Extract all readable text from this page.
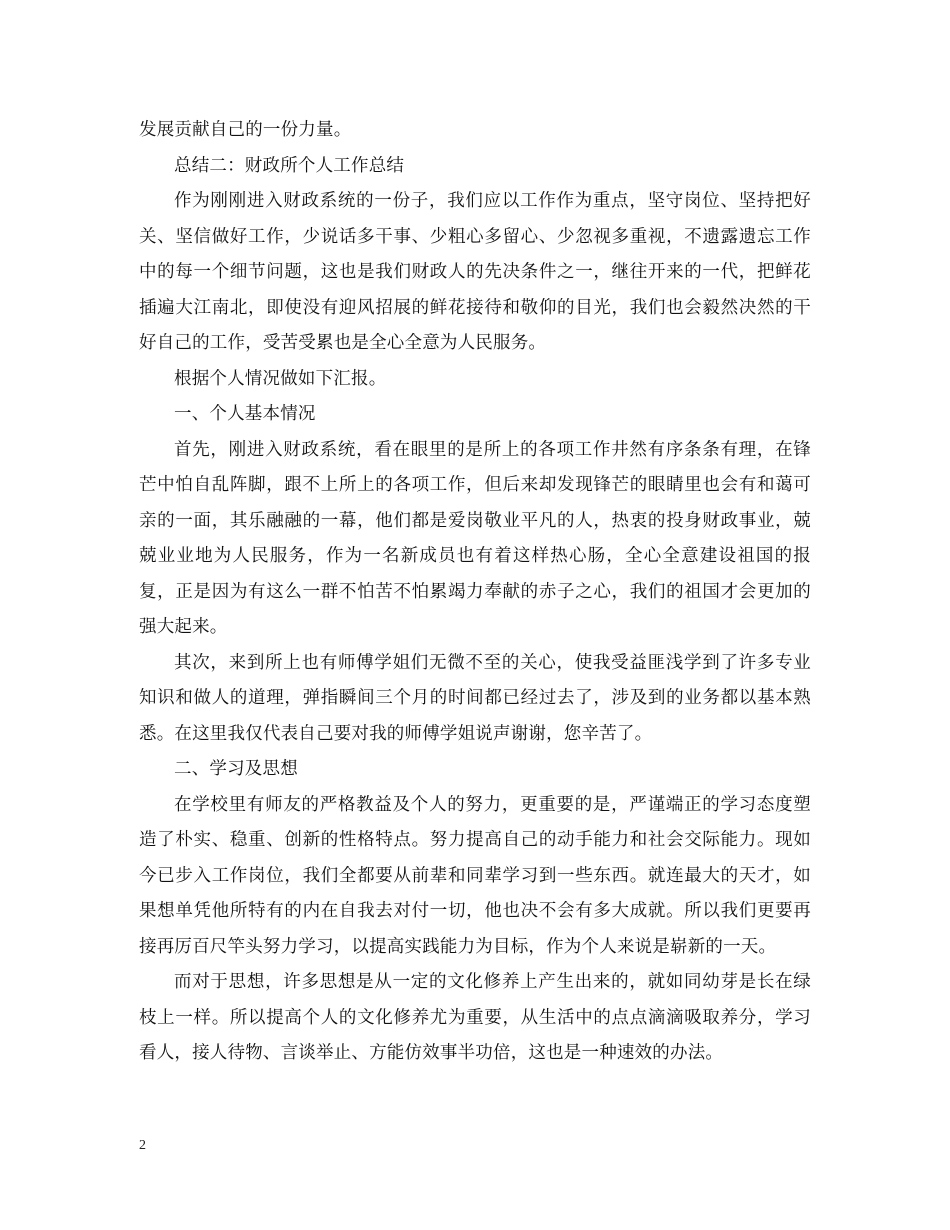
发展贡献自己的一份力量。

总结二：财政所个人工作总结

作为刚刚进入财政系统的一份子，我们应以工作作为重点，坚守岗位、坚持把好关、坚信做好工作，少说话多干事、少粗心多留心、少忽视多重视，不遗露遗忘工作中的每一个细节问题，这也是我们财政人的先决条件之一，继往开来的一代，把鲜花插遍大江南北，即使没有迎风招展的鲜花接待和敬仰的目光，我们也会毅然决然的干好自己的工作，受苦受累也是全心全意为人民服务。

根据个人情况做如下汇报。

一、个人基本情况

首先，刚进入财政系统，看在眼里的是所上的各项工作井然有序条条有理，在锋芒中怕自乱阵脚，跟不上所上的各项工作，但后来却发现锋芒的眼睛里也会有和蔼可亲的一面，其乐融融的一幕，他们都是爱岗敬业平凡的人，热衷的投身财政事业，兢兢业业地为人民服务，作为一名新成员也有着这样热心肠，全心全意建设祖国的报复，正是因为有这么一群不怕苦不怕累竭力奉献的赤子之心，我们的祖国才会更加的强大起来。

其次，来到所上也有师傅学姐们无微不至的关心，使我受益匪浅学到了许多专业知识和做人的道理，弹指瞬间三个月的时间都已经过去了，涉及到的业务都以基本熟悉。在这里我仅代表自己要对我的师傅学姐说声谢谢，您辛苦了。

二、学习及思想

在学校里有师友的严格教益及个人的努力，更重要的是，严谨端正的学习态度塑造了朴实、稳重、创新的性格特点。努力提高自己的动手能力和社会交际能力。现如今已步入工作岗位，我们全都要从前辈和同辈学习到一些东西。就连最大的天才，如果想单凭他所特有的内在自我去对付一切，他也决不会有多大成就。所以我们更要再接再厉百尺竿头努力学习，以提高实践能力为目标，作为个人来说是崭新的一天。

而对于思想，许多思想是从一定的文化修养上产生出来的，就如同幼芽是长在绿枝上一样。所以提高个人的文化修养尤为重要，从生活中的点点滴滴吸取养分，学习看人，接人待物、言谈举止、方能仿效事半功倍，这也是一种速效的办法。

2
